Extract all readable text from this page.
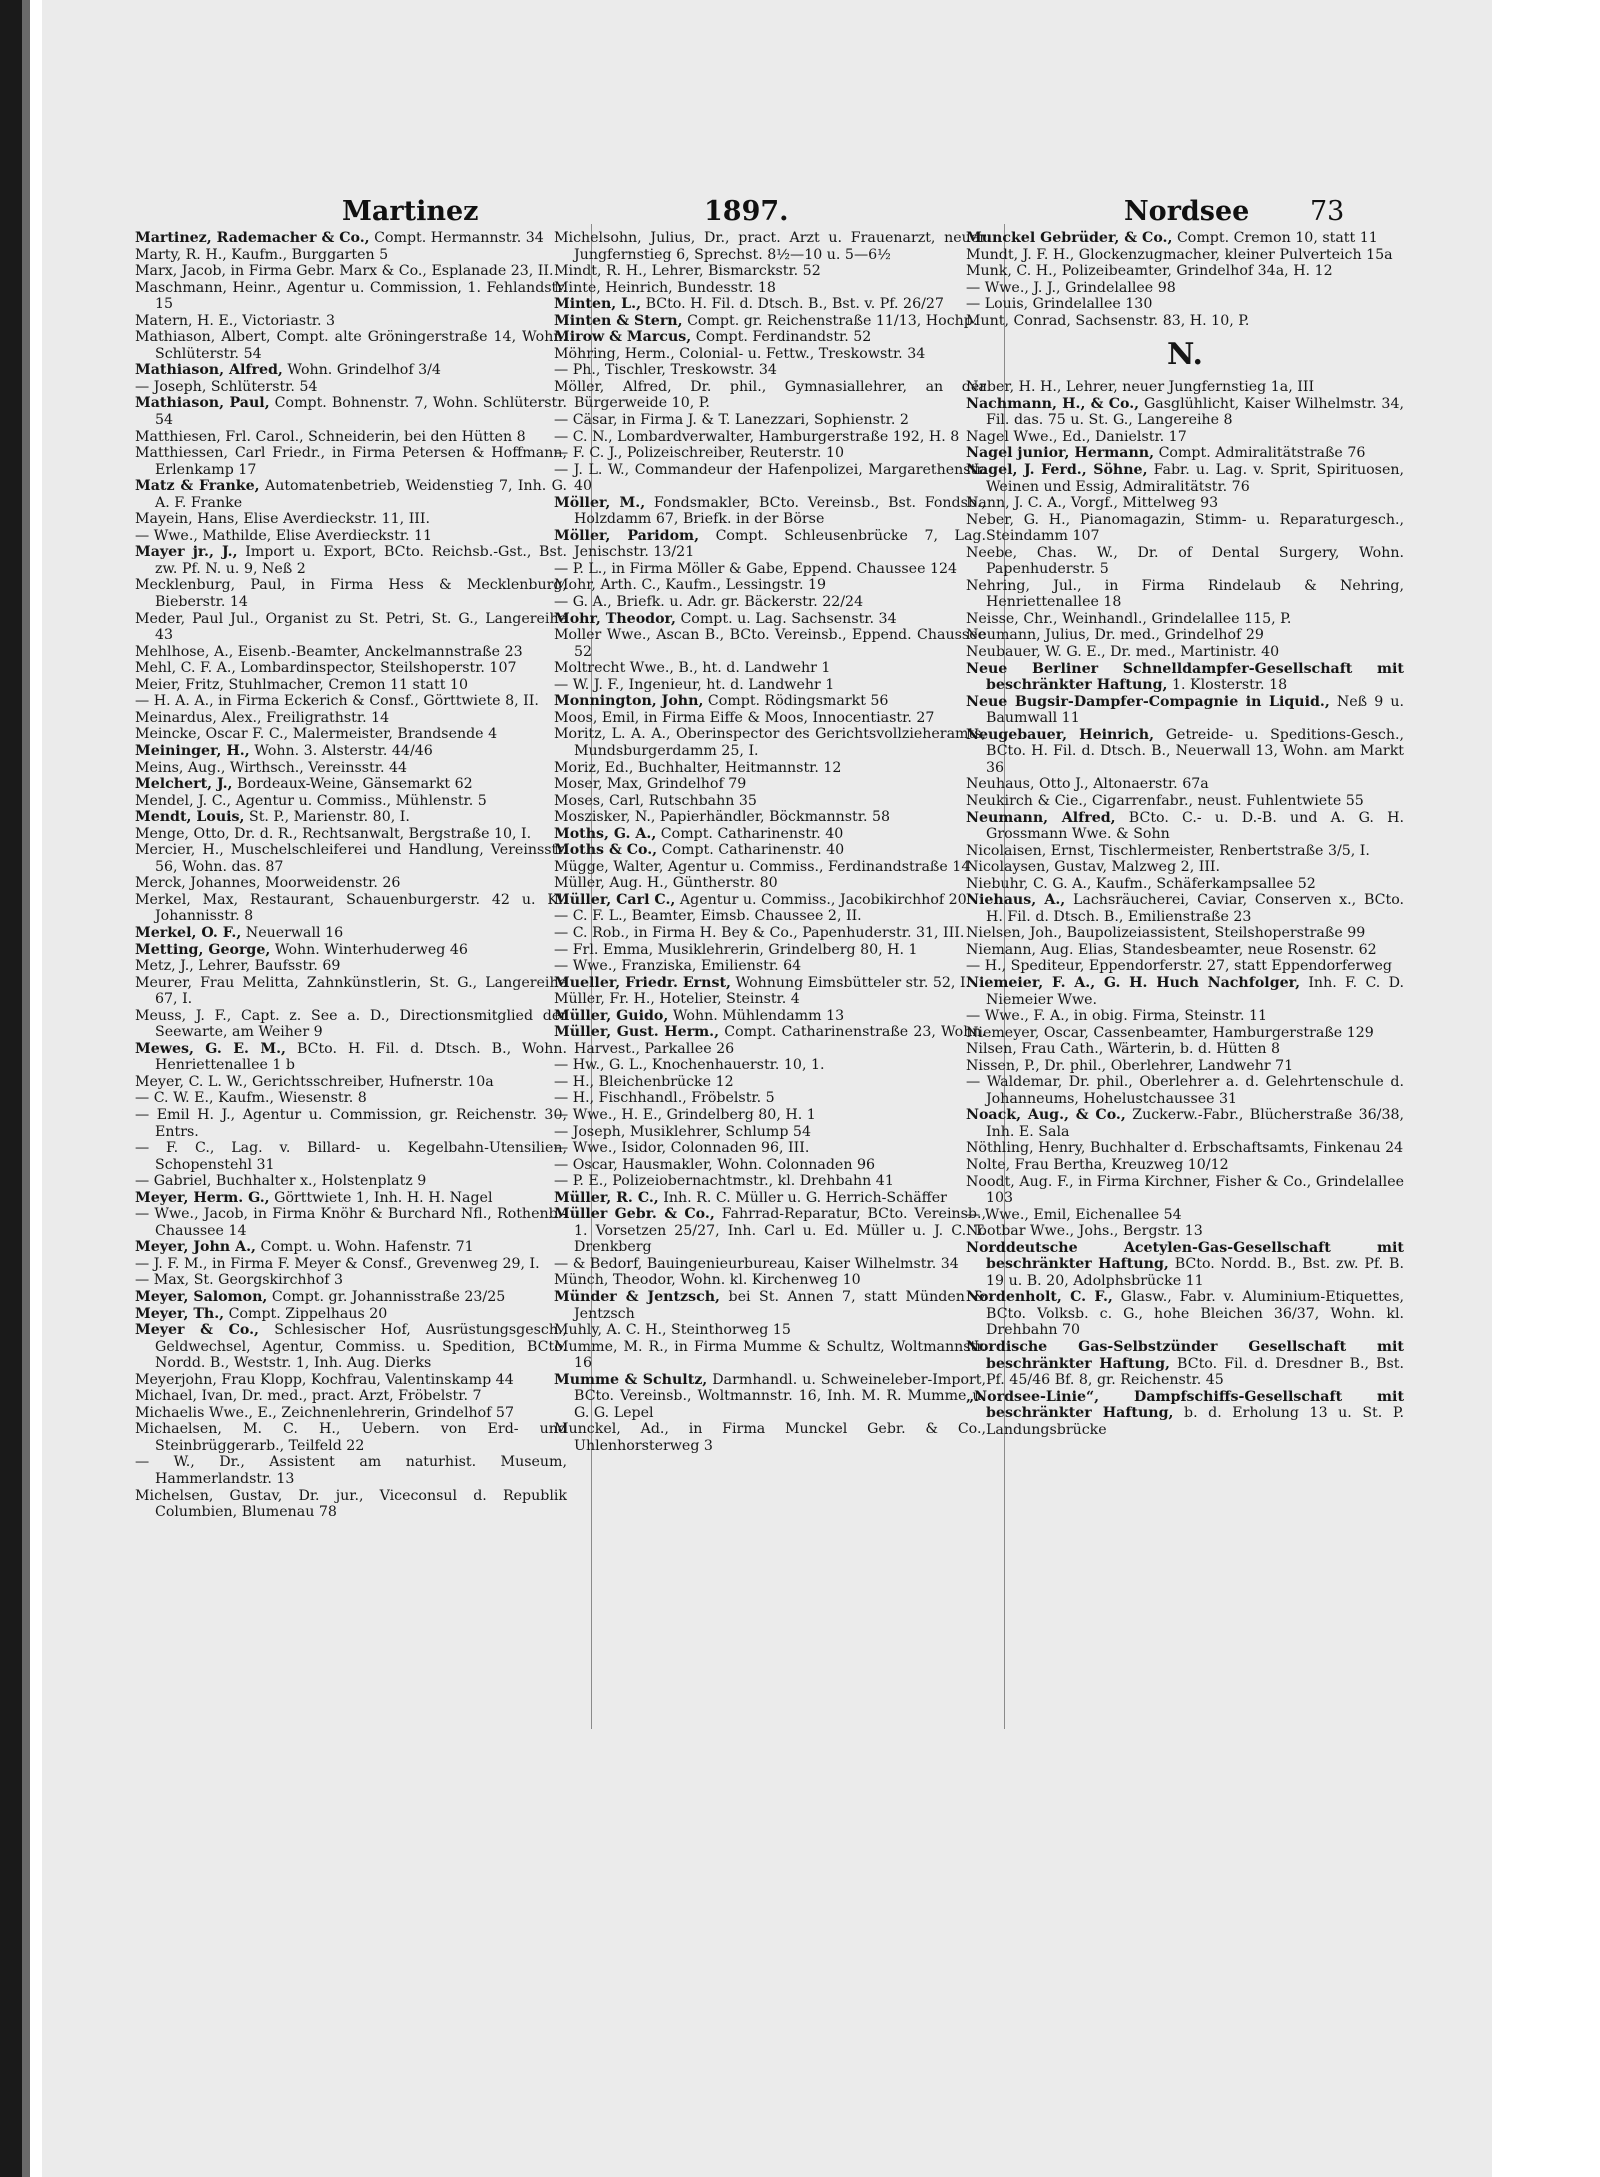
Martinez	1897.	Nordsee 73

Martinez, Rademacher & Co., Compt. Hermannstr. 34

Marty, R. H., Kaufm., Burggarten 5

Marx, Jacob, in Firma Gebr. Marx & Co., Esplanade 23, II.

Maschmann, Heinr., Agentur u. Commission, 1. Fehlandstr. 15

Matern, H. E., Victoriastr. 3

Mathiason, Albert, Compt. alte Gröningerstraße 14, Wohn. Schlüterstr. 54

Mathiason, Alfred, Wohn. Grindelhof 3/4

— Joseph, Schlüterstr. 54

Mathiason, Paul, Compt. Bohnenstr. 7, Wohn. Schlüterstr. 54

Matthiesen, Frl. Carol., Schneiderin, bei den Hütten 8

Matthiessen, Carl Friedr., in Firma Petersen & Hoffmann, Erlenkamp 17

Matz & Franke, Automatenbetrieb, Weidenstieg 7, Inh. G. A. F. Franke

Mayein, Hans, Elise Averdieckstr. 11, III.

— Wwe., Mathilde, Elise Averdieckstr. 11

Mayer jr., J., Import u. Export, BCto. Reichsb.-Gst., Bst. zw. Pf. N. u. 9, Neß 2

Mecklenburg, Paul, in Firma Hess & Mecklenburg, Bieberstr. 14

Meder, Paul Jul., Organist zu St. Petri, St. G., Langereihe 43

Mehlhose, A., Eisenb.-Beamter, Anckelmannstraße 23

Mehl, C. F. A., Lombardinspector, Steilshoperstr. 107

Meier, Fritz, Stuhlmacher, Cremon 11 statt 10

— H. A. A., in Firma Eckerich & Consf., Görttwiete 8, II.

Meinardus, Alex., Freiligrathstr. 14

Meincke, Oscar F. C., Malermeister, Brandsende 4

Meininger, H., Wohn. 3. Alsterstr. 44/46

Meins, Aug., Wirthsch., Vereinsstr. 44

Melchert, J., Bordeaux-Weine, Gänsemarkt 62

Mendel, J. C., Agentur u. Commiss., Mühlenstr. 5

Mendt, Louis, St. P., Marienstr. 80, I.

Menge, Otto, Dr. d. R., Rechtsanwalt, Bergstraße 10, I.

Mercier, H., Muschelschleiferei und Handlung, Vereinsstr. 56, Wohn. das. 87

Merck, Johannes, Moorweidenstr. 26

Merkel, Max, Restaurant, Schauenburgerstr. 42 u. Kl. Johannisstr. 8

Merkel, O. F., Neuerwall 16

Metting, George, Wohn. Winterhuderweg 46

Metz, J., Lehrer, Baufsstr. 69

Meurer, Frau Melitta, Zahnkünstlerin, St. G., Langereihe 67, I.

Meuss, J. F., Capt. z. See a. D., Directionsmitglied der Seewarte, am Weiher 9

Mewes, G. E. M., BCto. H. Fil. d. Dtsch. B., Wohn. Henriettenallee 1 b

Meyer, C. L. W., Gerichtsschreiber, Hufnerstr. 10a

— C. W. E., Kaufm., Wiesenstr. 8

— Emil H. J., Agentur u. Commission, gr. Reichenstr. 30, Entrs.

— F. C., Lag. v. Billard- u. Kegelbahn-Utensilien, Schopenstehl 31

— Gabriel, Buchhalter x., Holstenplatz 9

Meyer, Herm. G., Görttwiete 1, Inh. H. H. Nagel

— Wwe., Jacob, in Firma Knöhr & Burchard Nfl., Rothenb.-Chaussee 14

Meyer, John A., Compt. u. Wohn. Hafenstr. 71

— J. F. M., in Firma F. Meyer & Consf., Grevenweg 29, I.

— Max, St. Georgskirchhof 3

Meyer, Salomon, Compt. gr. Johannisstraße 23/25

Meyer, Th., Compt. Zippelhaus 20

Meyer & Co., Schlesischer Hof, Ausrüstungsgesch., Geldwechsel, Agentur, Commiss. u. Spedition, BCto. Nordd. B., Weststr. 1, Inh. Aug. Dierks

Meyerjohn, Frau Klopp, Kochfrau, Valentinskamp 44

Michael, Ivan, Dr. med., pract. Arzt, Fröbelstr. 7

Michaelis Wwe., E., Zeichnenlehrerin, Grindelhof 57

Michaelsen, M. C. H., Uebern. von Erd- und Steinbrüggerarb., Teilfeld 22

— W., Dr., Assistent am naturhist. Museum, Hammerlandstr. 13

Michelsen, Gustav, Dr. jur., Viceconsul d. Republik Columbien, Blumenau 78

Michelsohn, Julius, Dr., pract. Arzt u. Frauenarzt, neuer Jungfernstieg 6, Sprechst. 8½—10 u. 5—6½

Mindt, R. H., Lehrer, Bismarckstr. 52

Minte, Heinrich, Bundesstr. 18

Minten, L., BCto. H. Fil. d. Dtsch. B., Bst. v. Pf. 26/27

Minten & Stern, Compt. gr. Reichenstraße 11/13, Hochp.

Mirow & Marcus, Compt. Ferdinandstr. 52

Möhring, Herm., Colonial- u. Fettw., Treskowstr. 34

— Ph., Tischler, Treskowstr. 34

Möller, Alfred, Dr. phil., Gymnasiallehrer, an der Bürgerweide 10, P.

— Cäsar, in Firma J. & T. Lanezzari, Sophienstr. 2

— C. N., Lombardverwalter, Hamburgerstraße 192, H. 8

— F. C. J., Polizeischreiber, Reuterstr. 10

— J. L. W., Commandeur der Hafenpolizei, Margarethenstr. 40

Möller, M., Fondsmakler, BCto. Vereinsb., Bst. Fondsb., Holzdamm 67, Briefk. in der Börse

Möller, Paridom, Compt. Schleusenbrücke 7, Lag. Jenischstr. 13/21

— P. L., in Firma Möller & Gabe, Eppend. Chaussee 124

Mohr, Arth. C., Kaufm., Lessingstr. 19

— G. A., Briefk. u. Adr. gr. Bäckerstr. 22/24

Mohr, Theodor, Compt. u. Lag. Sachsenstr. 34

Moller Wwe., Ascan B., BCto. Vereinsb., Eppend. Chaussee 52

Moltrecht Wwe., B., ht. d. Landwehr 1

— W. J. F., Ingenieur, ht. d. Landwehr 1

Monnington, John, Compt. Rödingsmarkt 56

Moos, Emil, in Firma Eiffe & Moos, Innocentiastr. 27

Moritz, L. A. A., Oberinspector des Gerichtsvollzieheramts, Mundsburgerdamm 25, I.

Moriz, Ed., Buchhalter, Heitmannstr. 12

Moser, Max, Grindelhof 79

Moses, Carl, Rutschbahn 35

Moszisker, N., Papierhändler, Böckmannstr. 58

Moths, G. A., Compt. Catharinenstr. 40

Moths & Co., Compt. Catharinenstr. 40

Mügge, Walter, Agentur u. Commiss., Ferdinandstraße 14

Müller, Aug. H., Güntherstr. 80

Müller, Carl C., Agentur u. Commiss., Jacobikirchhof 20

— C. F. L., Beamter, Eimsb. Chaussee 2, II.

— C. Rob., in Firma H. Bey & Co., Papenhuderstr. 31, III.

— Frl. Emma, Musiklehrerin, Grindelberg 80, H. 1

— Wwe., Franziska, Emilienstr. 64

Mueller, Friedr. Ernst, Wohnung Eimsbütteler str. 52, I.

Müller, Fr. H., Hotelier, Steinstr. 4

Müller, Guido, Wohn. Mühlendamm 13

Müller, Gust. Herm., Compt. Catharinenstraße 23, Wohn. Harvest., Parkallee 26

— Hw., G. L., Knochenhauerstr. 10, 1.

— H., Bleichenbrücke 12

— H., Fischhandl., Fröbelstr. 5

— Wwe., H. E., Grindelberg 80, H. 1

— Joseph, Musiklehrer, Schlump 54

— Wwe., Isidor, Colonnaden 96, III.

— Oscar, Hausmakler, Wohn. Colonnaden 96

— P. E., Polizeiobernachtmstr., kl. Drehbahn 41

Müller, R. C., Inh. R. C. Müller u. G. Herrich-Schäffer

Müller Gebr. & Co., Fahrrad-Reparatur, BCto. Vereinsb., 1. Vorsetzen 25/27, Inh. Carl u. Ed. Müller u. J. C. T. Drenkberg

— & Bedorf, Bauingenieurbureau, Kaiser Wilhelmstr. 34

Münch, Theodor, Wohn. kl. Kirchenweg 10

Münder & Jentzsch, bei St. Annen 7, statt Münden & Jentzsch

Muhly, A. C. H., Steinthorweg 15

Mumme, M. R., in Firma Mumme & Schultz, Woltmannstr. 16

Mumme & Schultz, Darmhandl. u. Schweineleber-Import, BCto. Vereinsb., Woltmannstr. 16, Inh. M. R. Mumme u. G. G. Lepel

Munckel, Ad., in Firma Munckel Gebr. & Co., Uhlenhorsterweg 3

Munckel Gebrüder, & Co., Compt. Cremon 10, statt 11

Mundt, J. F. H., Glockenzugmacher, kleiner Pulverteich 15a

Munk, C. H., Polizeibeamter, Grindelhof 34a, H. 12

— Wwe., J. J., Grindelallee 98

— Louis, Grindelallee 130

Munt, Conrad, Sachsenstr. 83, H. 10, P.

N.

Naber, H. H., Lehrer, neuer Jungfernstieg 1a, III

Nachmann, H., & Co., Gasglühlicht, Kaiser Wilhelmstr. 34, Fil. das. 75 u. St. G., Langereihe 8

Nagel Wwe., Ed., Danielstr. 17

Nagel junior, Hermann, Compt. Admiralitätstraße 76

Nagel, J. Ferd., Söhne, Fabr. u. Lag. v. Sprit, Spirituosen, Weinen und Essig, Admiralitätstr. 76

Nann, J. C. A., Vorgf., Mittelweg 93

Neber, G. H., Pianomagazin, Stimm- u. Reparaturgesch., Steindamm 107

Neebe, Chas. W., Dr. of Dental Surgery, Wohn. Papenhuderstr. 5

Nehring, Jul., in Firma Rindelaub & Nehring, Henriettenallee 18

Neisse, Chr., Weinhandl., Grindelallee 115, P.

Neumann, Julius, Dr. med., Grindelhof 29

Neubauer, W. G. E., Dr. med., Martinistr. 40

Neue Berliner Schnelldampfer-Gesellschaft mit beschränkter Haftung, 1. Klosterstr. 18

Neue Bugsir-Dampfer-Compagnie in Liquid., Neß 9 u. Baumwall 11

Neugebauer, Heinrich, Getreide- u. Speditions-Gesch., BCto. H. Fil. d. Dtsch. B., Neuerwall 13, Wohn. am Markt 36

Neuhaus, Otto J., Altonaerstr. 67a

Neukirch & Cie., Cigarrenfabr., neust. Fuhlentwiete 55

Neumann, Alfred, BCto. C.- u. D.-B. und A. G. H. Grossmann Wwe. & Sohn

Nicolaisen, Ernst, Tischlermeister, Renbertstraße 3/5, I.

Nicolaysen, Gustav, Malzweg 2, III.

Niebuhr, C. G. A., Kaufm., Schäferkampsallee 52

Niehaus, A., Lachsräucherei, Caviar, Conserven x., BCto. H. Fil. d. Dtsch. B., Emilienstraße 23

Nielsen, Joh., Baupolizeiassistent, Steilshoperstraße 99

Niemann, Aug. Elias, Standesbeamter, neue Rosenstr. 62

— H., Spediteur, Eppendorferstr. 27, statt Eppendorferweg

Niemeier, F. A., G. H. Huch Nachfolger, Inh. F. C. D. Niemeier Wwe.

— Wwe., F. A., in obig. Firma, Steinstr. 11

Niemeyer, Oscar, Cassenbeamter, Hamburgerstraße 129

Nilsen, Frau Cath., Wärterin, b. d. Hütten 8

Nissen, P., Dr. phil., Oberlehrer, Landwehr 71

— Waldemar, Dr. phil., Oberlehrer a. d. Gelehrtenschule d. Johanneums, Hohelustchaussee 31

Noack, Aug., & Co., Zuckerw.-Fabr., Blücherstraße 36/38, Inh. E. Sala

Nöthling, Henry, Buchhalter d. Erbschaftsamts, Finkenau 24

Nolte, Frau Bertha, Kreuzweg 10/12

Noodt, Aug. F., in Firma Kirchner, Fisher & Co., Grindelallee 103

— Wwe., Emil, Eichenallee 54

Nootbar Wwe., Johs., Bergstr. 13

Norddeutsche Acetylen-Gas-Gesellschaft mit beschränkter Haftung, BCto. Nordd. B., Bst. zw. Pf. B. 19 u. B. 20, Adolphsbrücke 11

Nordenholt, C. F., Glasw., Fabr. v. Aluminium-Etiquettes, BCto. Volksb. c. G., hohe Bleichen 36/37, Wohn. kl. Drehbahn 70

Nordische Gas-Selbstzünder Gesellschaft mit beschränkter Haftung, BCto. Fil. d. Dresdner B., Bst. Pf. 45/46 Bf. 8, gr. Reichenstr. 45

„Nordsee-Linie“, Dampfschiffs-Gesellschaft mit beschränkter Haftung, b. d. Erholung 13 u. St. P. Landungsbrücke
